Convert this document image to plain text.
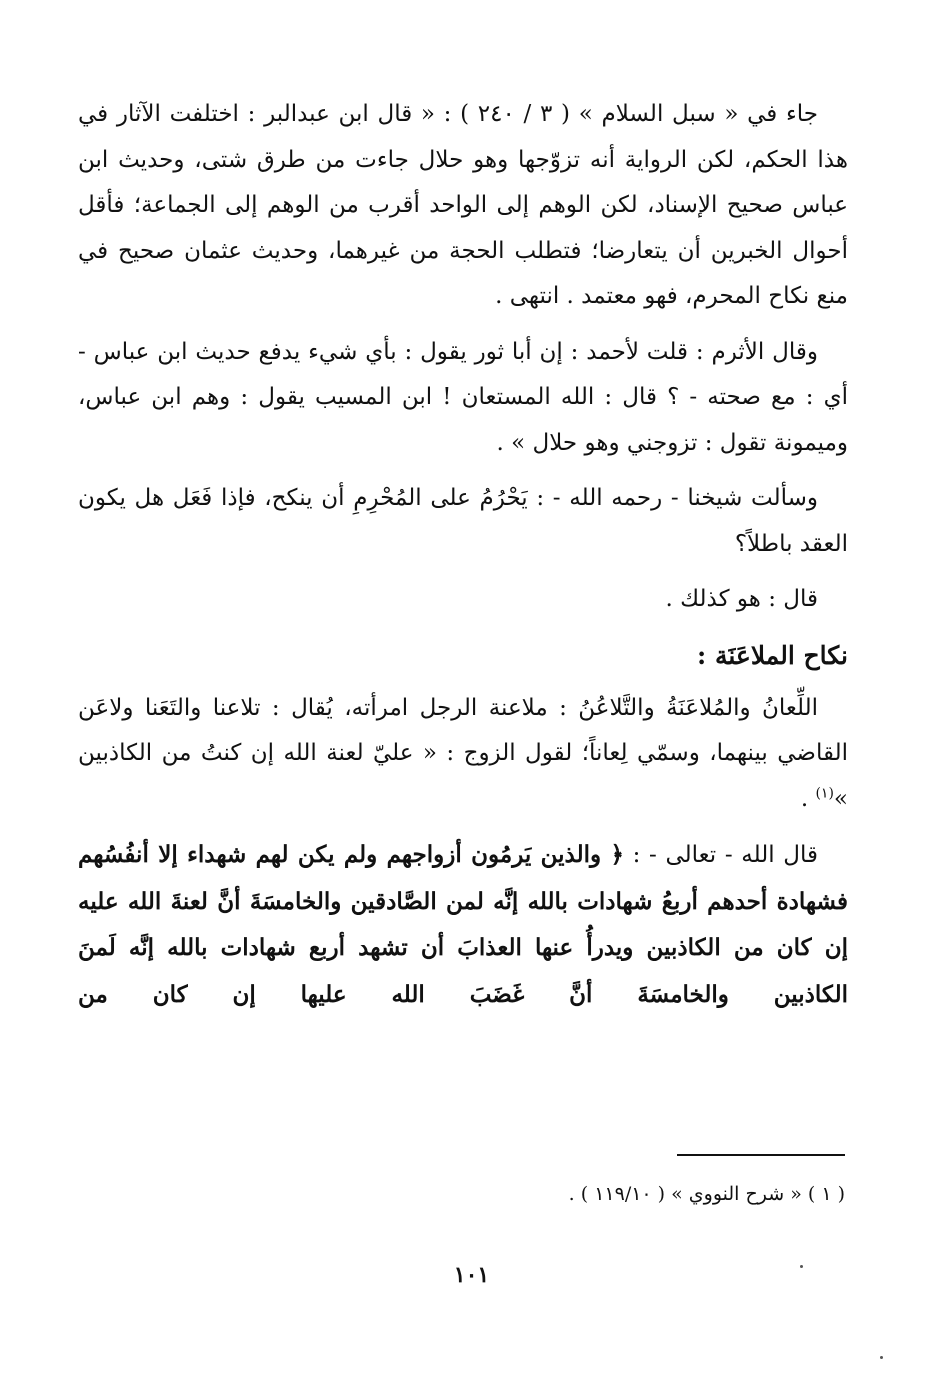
جاء في « سبل السلام » ( ٣ / ٢٤٠ ) : « قال ابن عبدالبر : اختلفت الآثار في هذا الحكم، لكن الرواية أنه تزوّجها وهو حلال جاءت من طرق شتى، وحديث ابن عباس صحيح الإسناد، لكن الوهم إلى الواحد أقرب من الوهم إلى الجماعة؛ فأقل أحوال الخبرين أن يتعارضا؛ فتطلب الحجة من غيرهما، وحديث عثمان صحيح في منع نكاح المحرم، فهو معتمد . انتهى .

وقال الأثرم : قلت لأحمد : إن أبا ثور يقول : بأي شيء يدفع حديث ابن عباس - أي : مع صحته - ؟ قال : الله المستعان ! ابن المسيب يقول : وهم ابن عباس، وميمونة تقول : تزوجني وهو حلال » .

وسألت شيخنا - رحمه الله - : يَحْرُمُ على المُحْرِمِ أن ينكح، فإذا فَعَل هل يكون العقد باطلاً؟

قال : هو كذلك .

نكاح الملاعَنَة :

اللِّعانُ والمُلاعَنَةُ والتَّلاعُنُ : ملاعنة الرجل امرأته، يُقال : تلاعنا والتَعَنا ولاعَن القاضي بينهما، وسمّي لِعاناً؛ لقول الزوج : « عليّ لعنة الله إن كنتُ من الكاذبين »$^{(١)}$ .

قال الله - تعالى - : ﴿ والذين يَرمُون أزواجهم ولم يكن لهم شهداء إلا أنفُسُهم فشهادة أحدهم أربعُ شهادات بالله إنَّه لمن الصَّادقين والخامسَةَ أنَّ لعنةَ الله عليه إن كان من الكاذبين ويدرأُ عنها العذابَ أن تشهد أربع شهادات بالله إنَّه لَمنَ الكاذبين والخامسَةَ أنَّ غَضَبَ الله عليها إن كان من

( ١ ) « شرح النووي » ( ١١٩/١٠ ) .
١٠١
